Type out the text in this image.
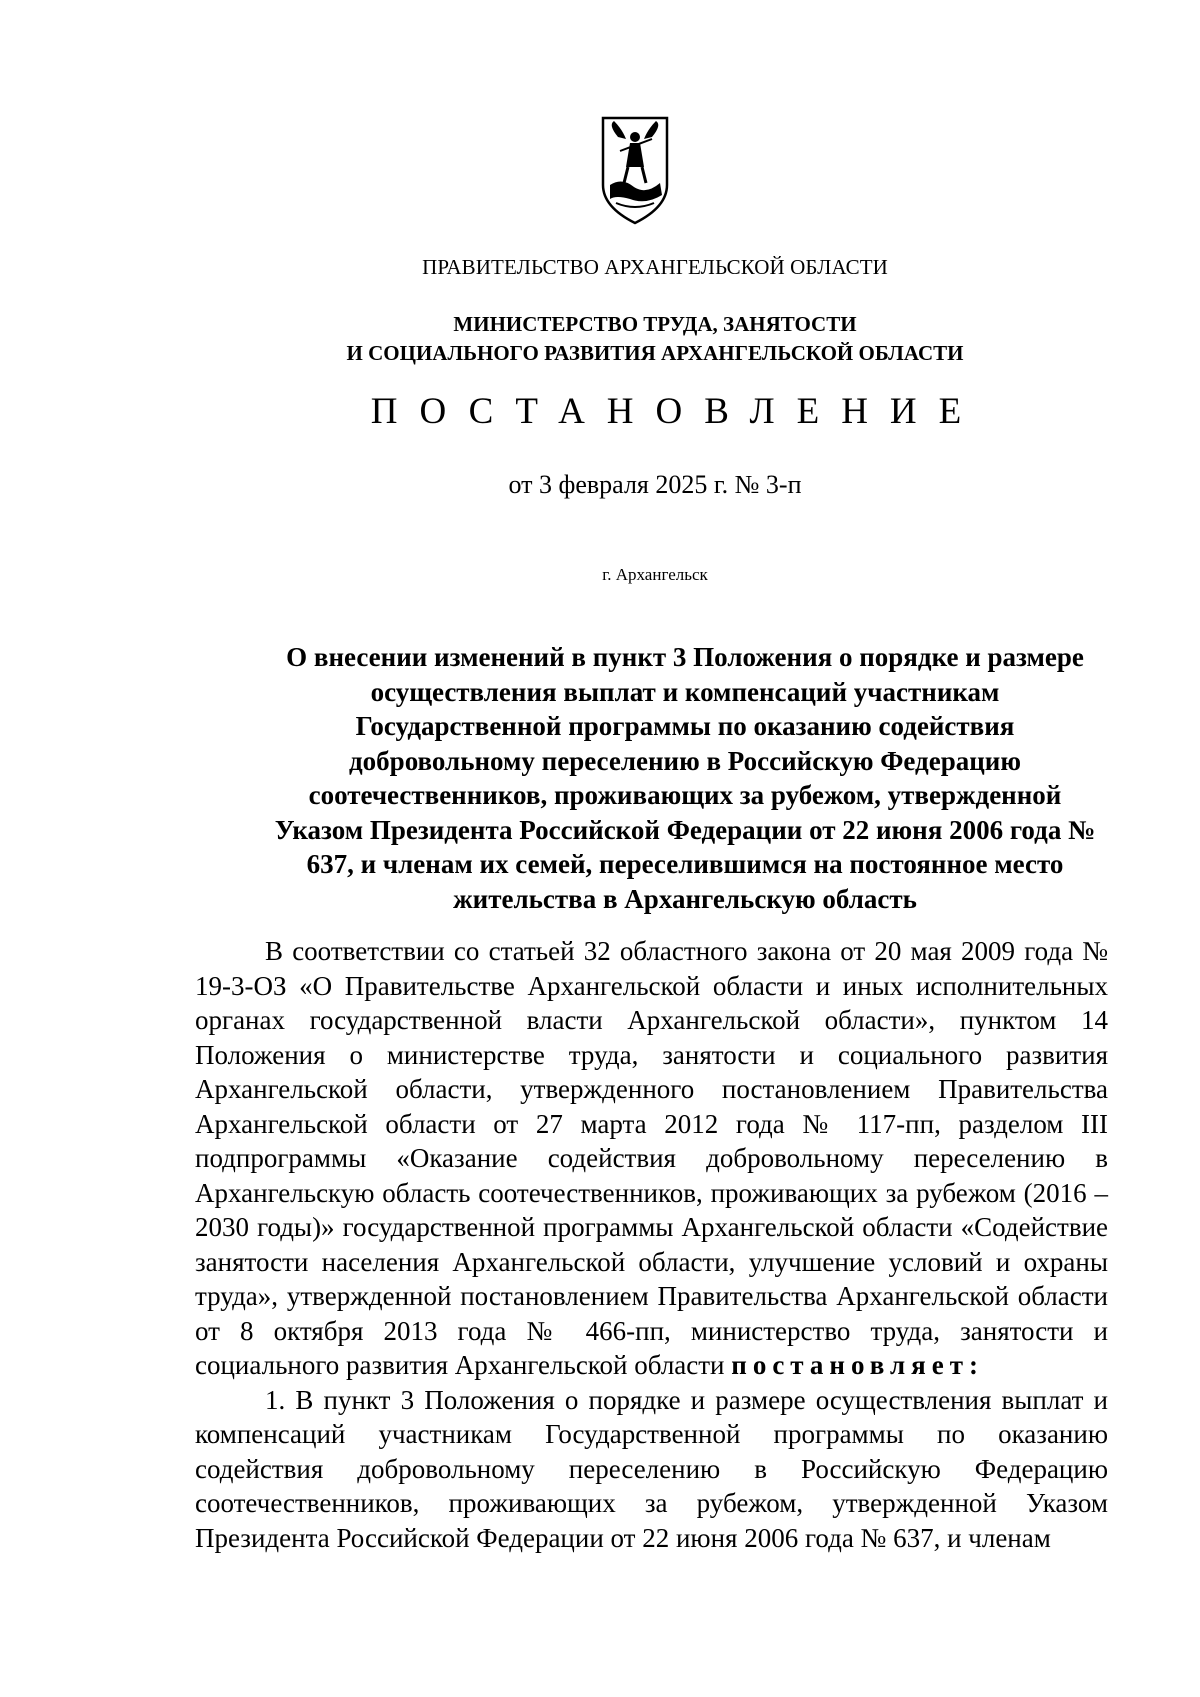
ПРАВИТЕЛЬСТВО АРХАНГЕЛЬСКОЙ ОБЛАСТИ
МИНИСТЕРСТВО ТРУДА, ЗАНЯТОСТИ
И СОЦИАЛЬНОГО РАЗВИТИЯ АРХАНГЕЛЬСКОЙ ОБЛАСТИ
ПОСТАНОВЛЕНИЕ
от 3 февраля 2025 г. № 3-п
г. Архангельск
О внесении изменений в пункт 3 Положения о порядке и размере осуществления выплат и компенсаций участникам Государственной программы по оказанию содействия добровольному переселению в Российскую Федерацию соотечественников, проживающих за рубежом, утвержденной Указом Президента Российской Федерации от 22 июня 2006 года № 637, и членам их семей, переселившимся на постоянное место жительства в Архангельскую область

В соответствии со статьей 32 областного закона от 20 мая 2009 года № 19-3-ОЗ «О Правительстве Архангельской области и иных исполнительных органах государственной власти Архангельской области», пунктом 14 Положения о министерстве труда, занятости и социального развития Архангельской области, утвержденного постановлением Правительства Архангельской области от 27 марта 2012 года № 117-пп, разделом III подпрограммы «Оказание содействия добровольному переселению в Архангельскую область соотечественников, проживающих за рубежом (2016 – 2030 годы)» государственной программы Архангельской области «Содействие занятости населения Архангельской области, улучшение условий и охраны труда», утвержденной постановлением Правительства Архангельской области от 8 октября 2013 года № 466-пп, министерство труда, занятости и социального развития Архангельской области постановляет:

1. В пункт 3 Положения о порядке и размере осуществления выплат и компенсаций участникам Государственной программы по оказанию содействия добровольному переселению в Российскую Федерацию соотечественников, проживающих за рубежом, утвержденной Указом Президента Российской Федерации от 22 июня 2006 года № 637, и членам
